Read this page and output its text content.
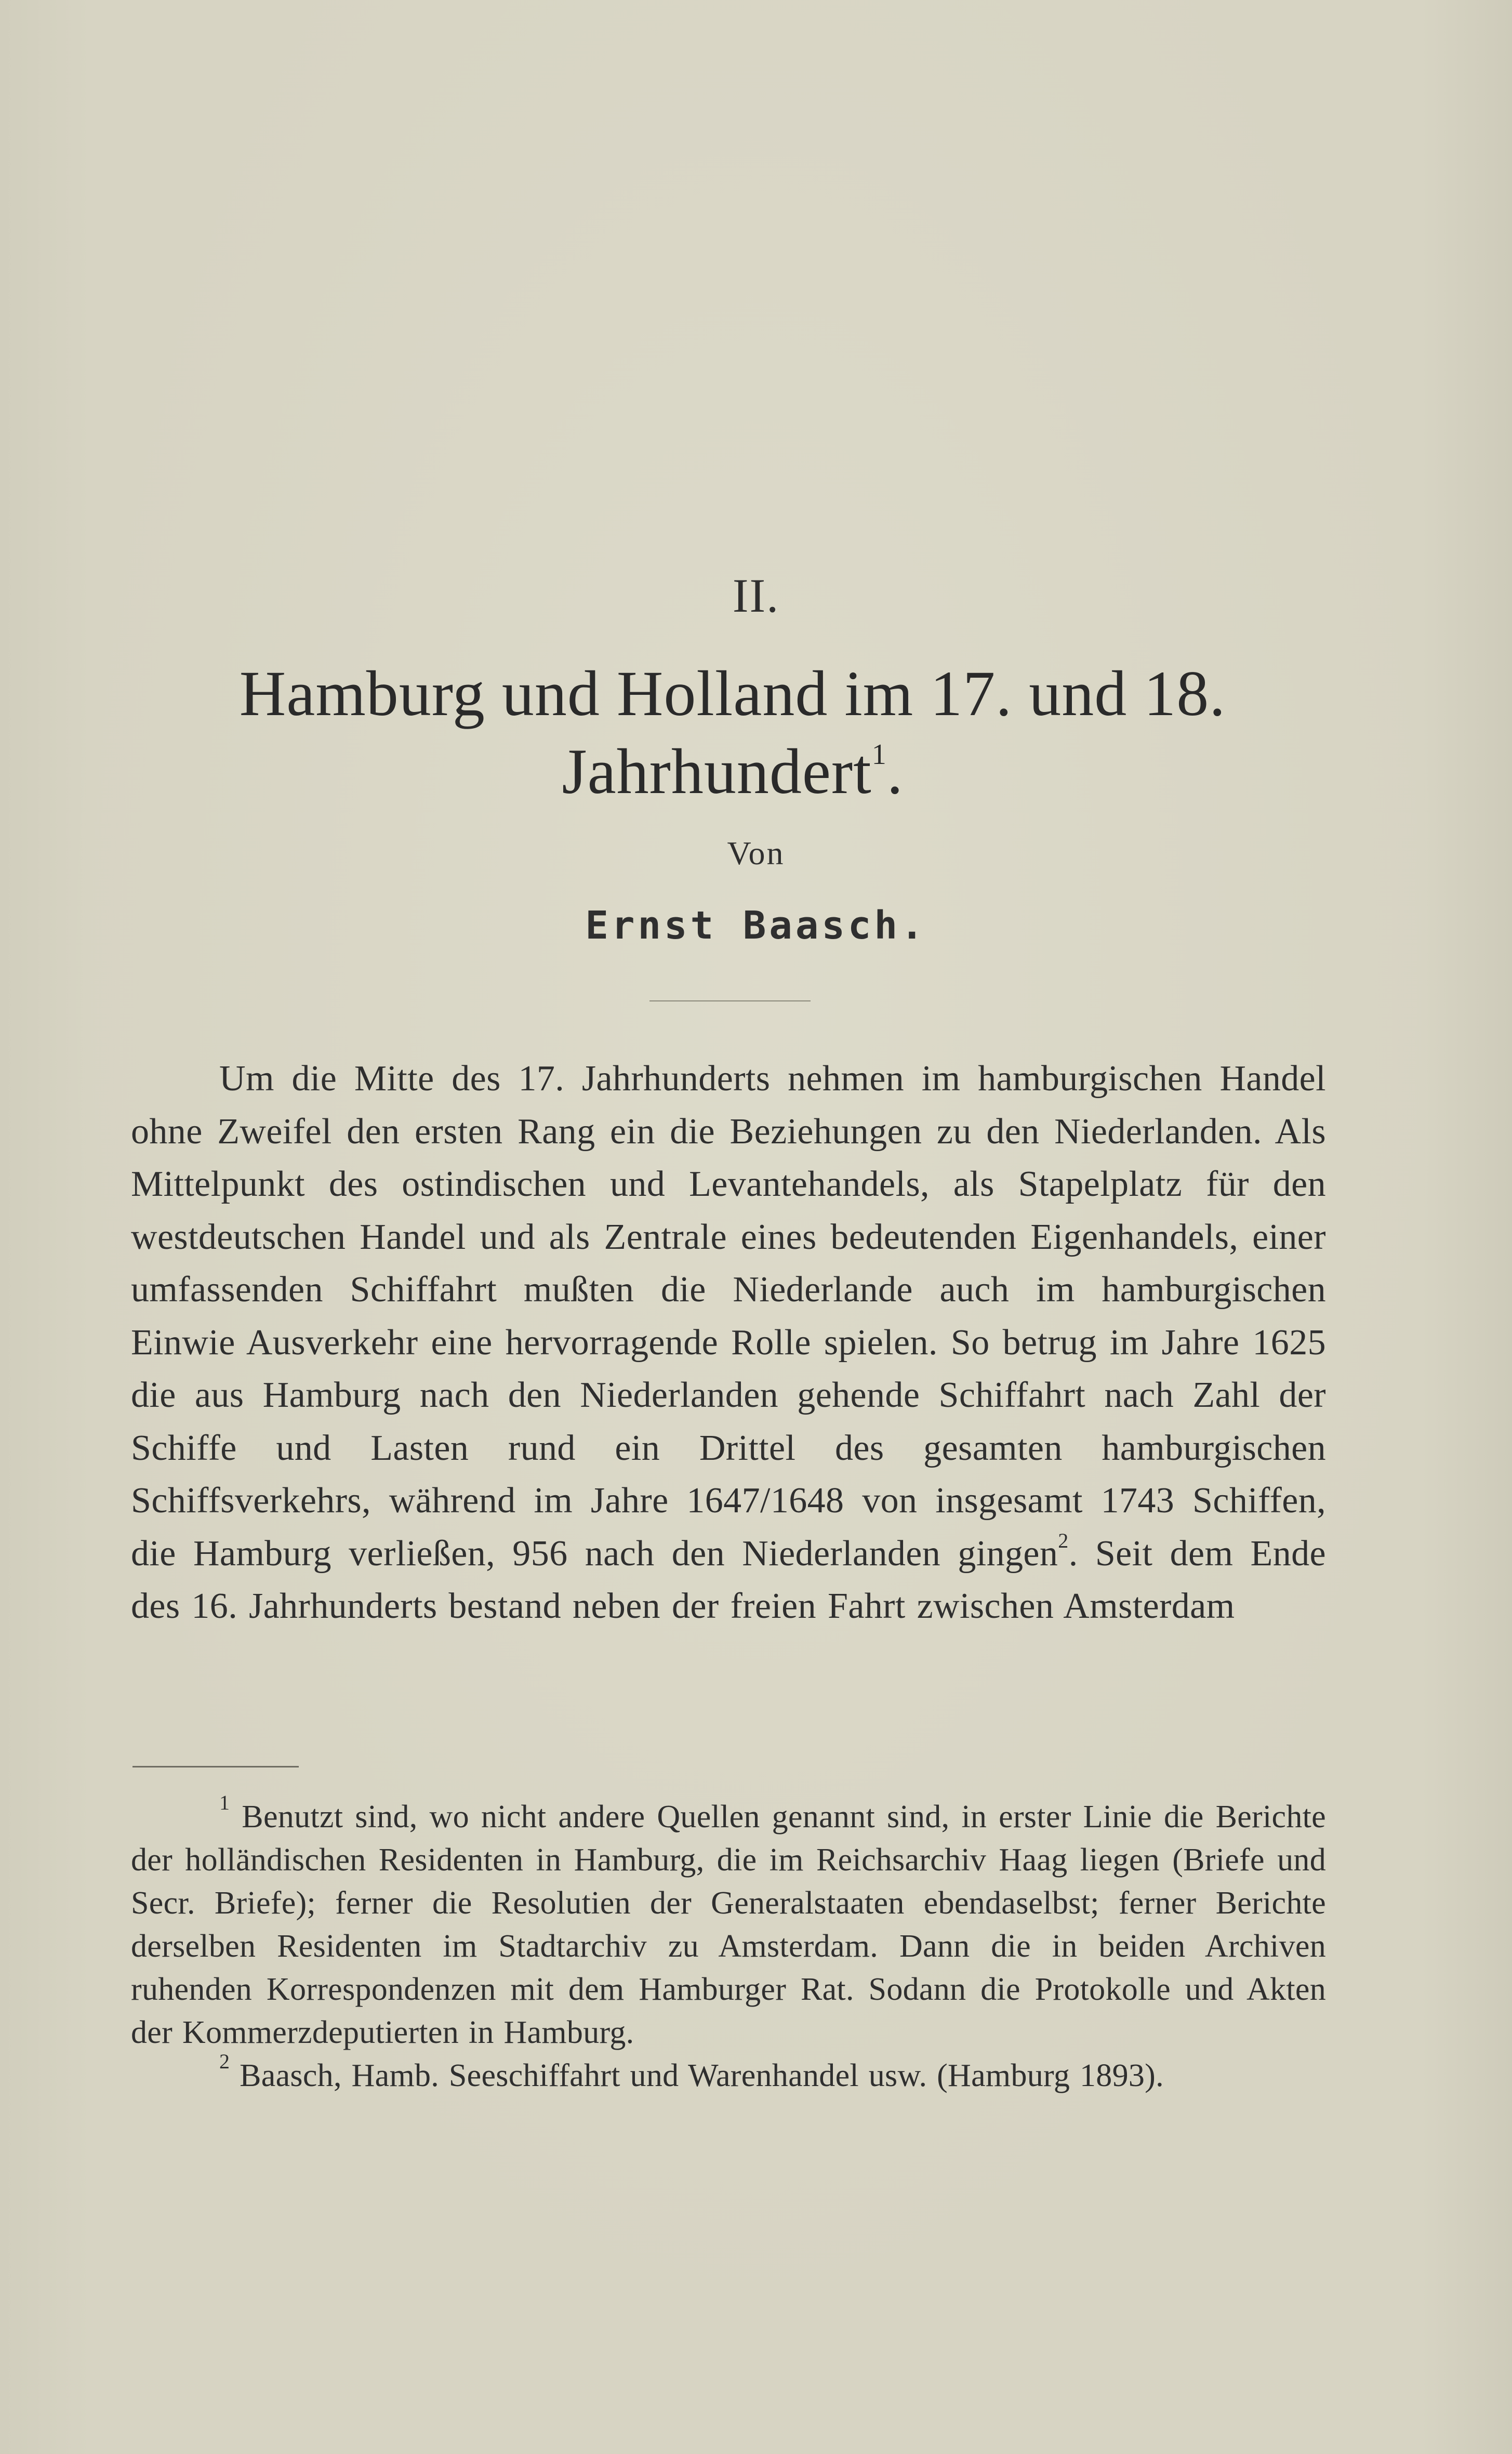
II.
Hamburg und Holland im 17. und 18. Jahrhundert$^1$.
Von
Ernst Baasch.

Um die Mitte des 17. Jahrhunderts nehmen im hamburgischen Handel ohne Zweifel den ersten Rang ein die Beziehungen zu den Niederlanden. Als Mittelpunkt des ostindischen und Levantehandels, als Stapelplatz für den westdeutschen Handel und als Zentrale eines bedeutenden Eigenhandels, einer umfassenden Schiffahrt mußten die Niederlande auch im hamburgischen Einwie Ausverkehr eine hervorragende Rolle spielen. So betrug im Jahre 1625 die aus Hamburg nach den Niederlanden gehende Schiffahrt nach Zahl der Schiffe und Lasten rund ein Drittel des gesamten hamburgischen Schiffsverkehrs, während im Jahre 1647/1648 von insgesamt 1743 Schiffen, die Hamburg verließen, 956 nach den Niederlanden gingen$^2$. Seit dem Ende des 16. Jahrhunderts bestand neben der freien Fahrt zwischen Amsterdam

$^1$ Benutzt sind, wo nicht andere Quellen genannt sind, in erster Linie die Berichte der holländischen Residenten in Hamburg, die im Reichsarchiv Haag liegen (Briefe und Secr. Briefe); ferner die Resolutien der Generalstaaten ebendaselbst; ferner Berichte derselben Residenten im Stadtarchiv zu Amsterdam. Dann die in beiden Archiven ruhenden Korrespondenzen mit dem Hamburger Rat. Sodann die Protokolle und Akten der Kommerzdeputierten in Hamburg.

$^2$ Baasch, Hamb. Seeschiffahrt und Warenhandel usw. (Hamburg 1893).
